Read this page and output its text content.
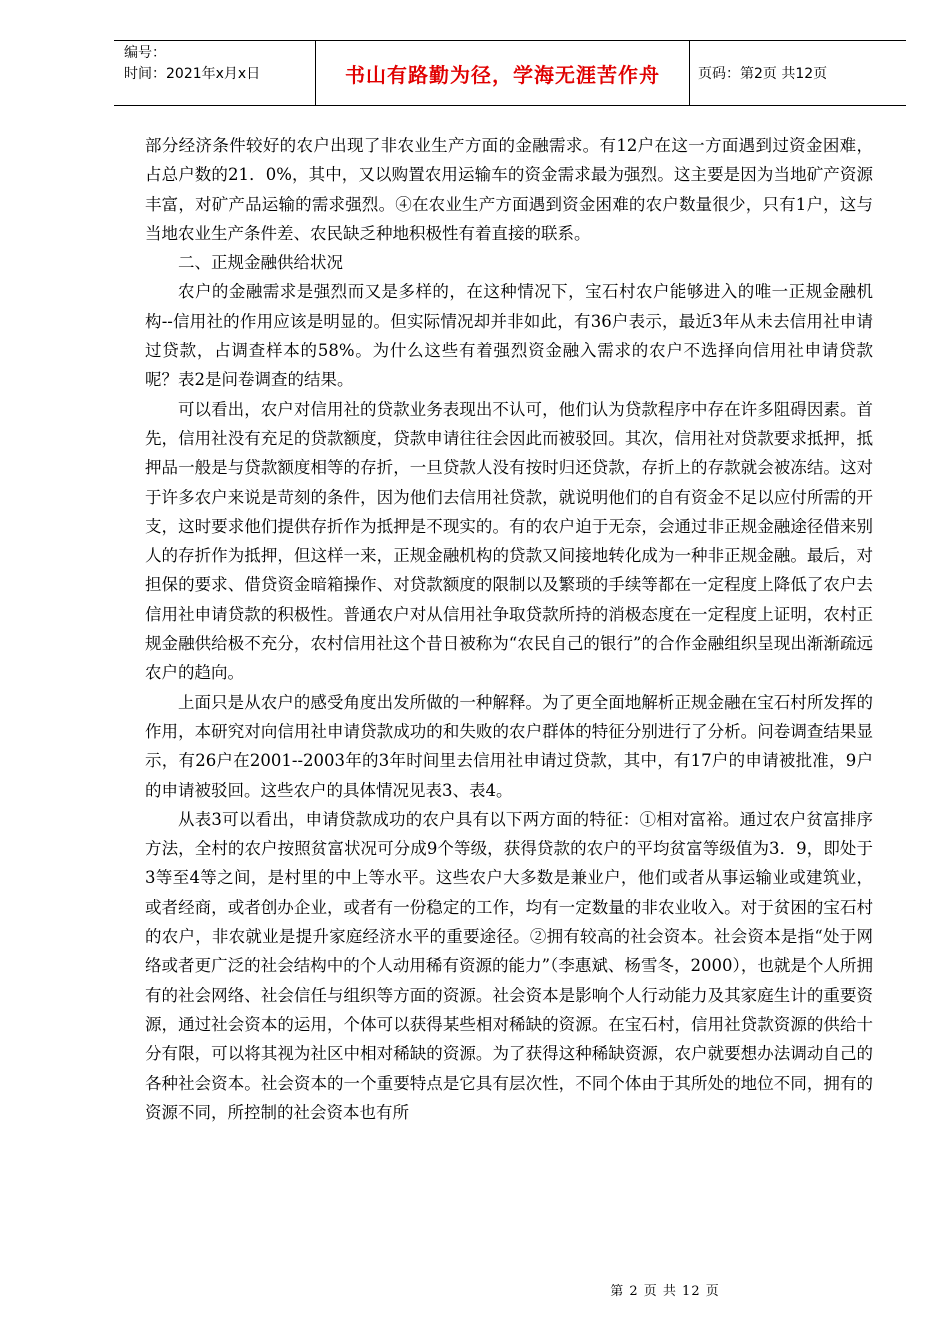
编号：
时间：2021年x月x日	书山有路勤为径，学海无涯苦作舟	页码：第2页 共12页

部分经济条件较好的农户出现了非农业生产方面的金融需求。有12户在这一方面遇到过资金困难，占总户数的21．0%，其中，又以购置农用运输车的资金需求最为强烈。这主要是因为当地矿产资源丰富，对矿产品运输的需求强烈。④在农业生产方面遇到资金困难的农户数量很少，只有1户，这与当地农业生产条件差、农民缺乏种地积极性有着直接的联系。

二、正规金融供给状况

农户的金融需求是强烈而又是多样的，在这种情况下，宝石村农户能够进入的唯一正规金融机构--信用社的作用应该是明显的。但实际情况却并非如此，有36户表示，最近3年从未去信用社申请过贷款，占调查样本的58%。为什么这些有着强烈资金融入需求的农户不选择向信用社申请贷款呢？表2是问卷调查的结果。

可以看出，农户对信用社的贷款业务表现出不认可，他们认为贷款程序中存在许多阻碍因素。首先，信用社没有充足的贷款额度，贷款申请往往会因此而被驳回。其次，信用社对贷款要求抵押，抵押品一般是与贷款额度相等的存折，一旦贷款人没有按时归还贷款，存折上的存款就会被冻结。这对于许多农户来说是苛刻的条件，因为他们去信用社贷款，就说明他们的自有资金不足以应付所需的开支，这时要求他们提供存折作为抵押是不现实的。有的农户迫于无奈，会通过非正规金融途径借来别人的存折作为抵押，但这样一来，正规金融机构的贷款又间接地转化成为一种非正规金融。最后，对担保的要求、借贷资金暗箱操作、对贷款额度的限制以及繁琐的手续等都在一定程度上降低了农户去信用社申请贷款的积极性。普通农户对从信用社争取贷款所持的消极态度在一定程度上证明，农村正规金融供给极不充分，农村信用社这个昔日被称为“农民自己的银行”的合作金融组织呈现出渐渐疏远农户的趋向。

上面只是从农户的感受角度出发所做的一种解释。为了更全面地解析正规金融在宝石村所发挥的作用，本研究对向信用社申请贷款成功的和失败的农户群体的特征分别进行了分析。问卷调查结果显示，有26户在2001--2003年的3年时间里去信用社申请过贷款，其中，有17户的申请被批准，9户的申请被驳回。这些农户的具体情况见表3、表4。

从表3可以看出，申请贷款成功的农户具有以下两方面的特征：①相对富裕。通过农户贫富排序方法，全村的农户按照贫富状况可分成9个等级，获得贷款的农户的平均贫富等级值为3．9，即处于3等至4等之间，是村里的中上等水平。这些农户大多数是兼业户，他们或者从事运输业或建筑业，或者经商，或者创办企业，或者有一份稳定的工作，均有一定数量的非农业收入。对于贫困的宝石村的农户，非农就业是提升家庭经济水平的重要途径。②拥有较高的社会资本。社会资本是指“处于网络或者更广泛的社会结构中的个人动用稀有资源的能力”（李惠斌、杨雪冬，2000），也就是个人所拥有的社会网络、社会信任与组织等方面的资源。社会资本是影响个人行动能力及其家庭生计的重要资源，通过社会资本的运用，个体可以获得某些相对稀缺的资源。在宝石村，信用社贷款资源的供给十分有限，可以将其视为社区中相对稀缺的资源。为了获得这种稀缺资源，农户就要想办法调动自己的各种社会资本。社会资本的一个重要特点是它具有层次性，不同个体由于其所处的地位不同，拥有的资源不同，所控制的社会资本也有所

第 2 页 共 12 页
